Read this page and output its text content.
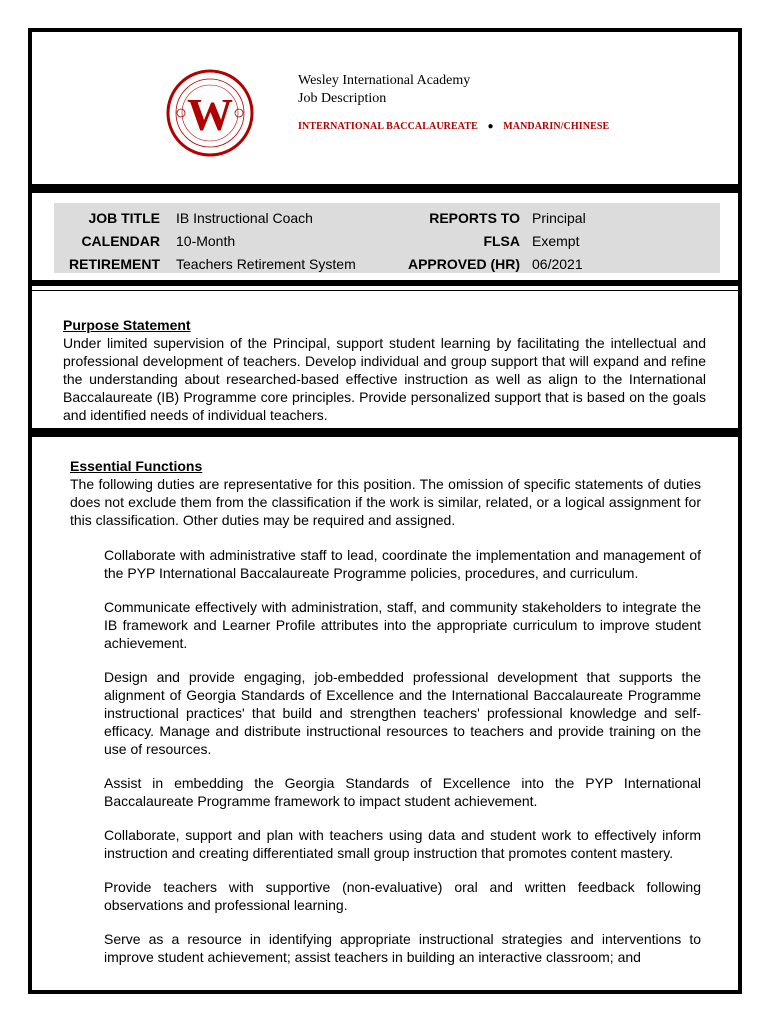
W
Wesley International Academy
Job Description
INTERNATIONAL BACCALAUREATE ● MANDARIN/CHINESE
JOB TITLE
CALENDAR
RETIREMENT
IB Instructional Coach
10-Month
Teachers Retirement System
REPORTS TO
FLSA
APPROVED (HR)
Principal
Exempt
06/2021
Purpose Statement
Under limited supervision of the Principal, support student learning by facilitating the intellectual and professional development of teachers. Develop individual and group support that will expand and refine the understanding about researched-based effective instruction as well as align to the International Baccalaureate (IB) Programme core principles. Provide personalized support that is based on the goals and identified needs of individual teachers.
Essential Functions
The following duties are representative for this position. The omission of specific statements of duties does not exclude them from the classification if the work is similar, related, or a logical assignment for this classification. Other duties may be required and assigned.

Collaborate with administrative staff to lead, coordinate the implementation and management of the PYP International Baccalaureate Programme policies, procedures, and curriculum.

Communicate effectively with administration, staff, and community stakeholders to integrate the IB framework and Learner Profile attributes into the appropriate curriculum to improve student achievement.

Design and provide engaging, job-embedded professional development that supports the alignment of Georgia Standards of Excellence and the International Baccalaureate Programme instructional practices' that build and strengthen teachers' professional knowledge and self-efficacy. Manage and distribute instructional resources to teachers and provide training on the use of resources.

Assist in embedding the Georgia Standards of Excellence into the PYP International Baccalaureate Programme framework to impact student achievement.

Collaborate, support and plan with teachers using data and student work to effectively inform instruction and creating differentiated small group instruction that promotes content mastery.

Provide teachers with supportive (non-evaluative) oral and written feedback following observations and professional learning.

Serve as a resource in identifying appropriate instructional strategies and interventions to improve student achievement; assist teachers in building an interactive classroom; and
